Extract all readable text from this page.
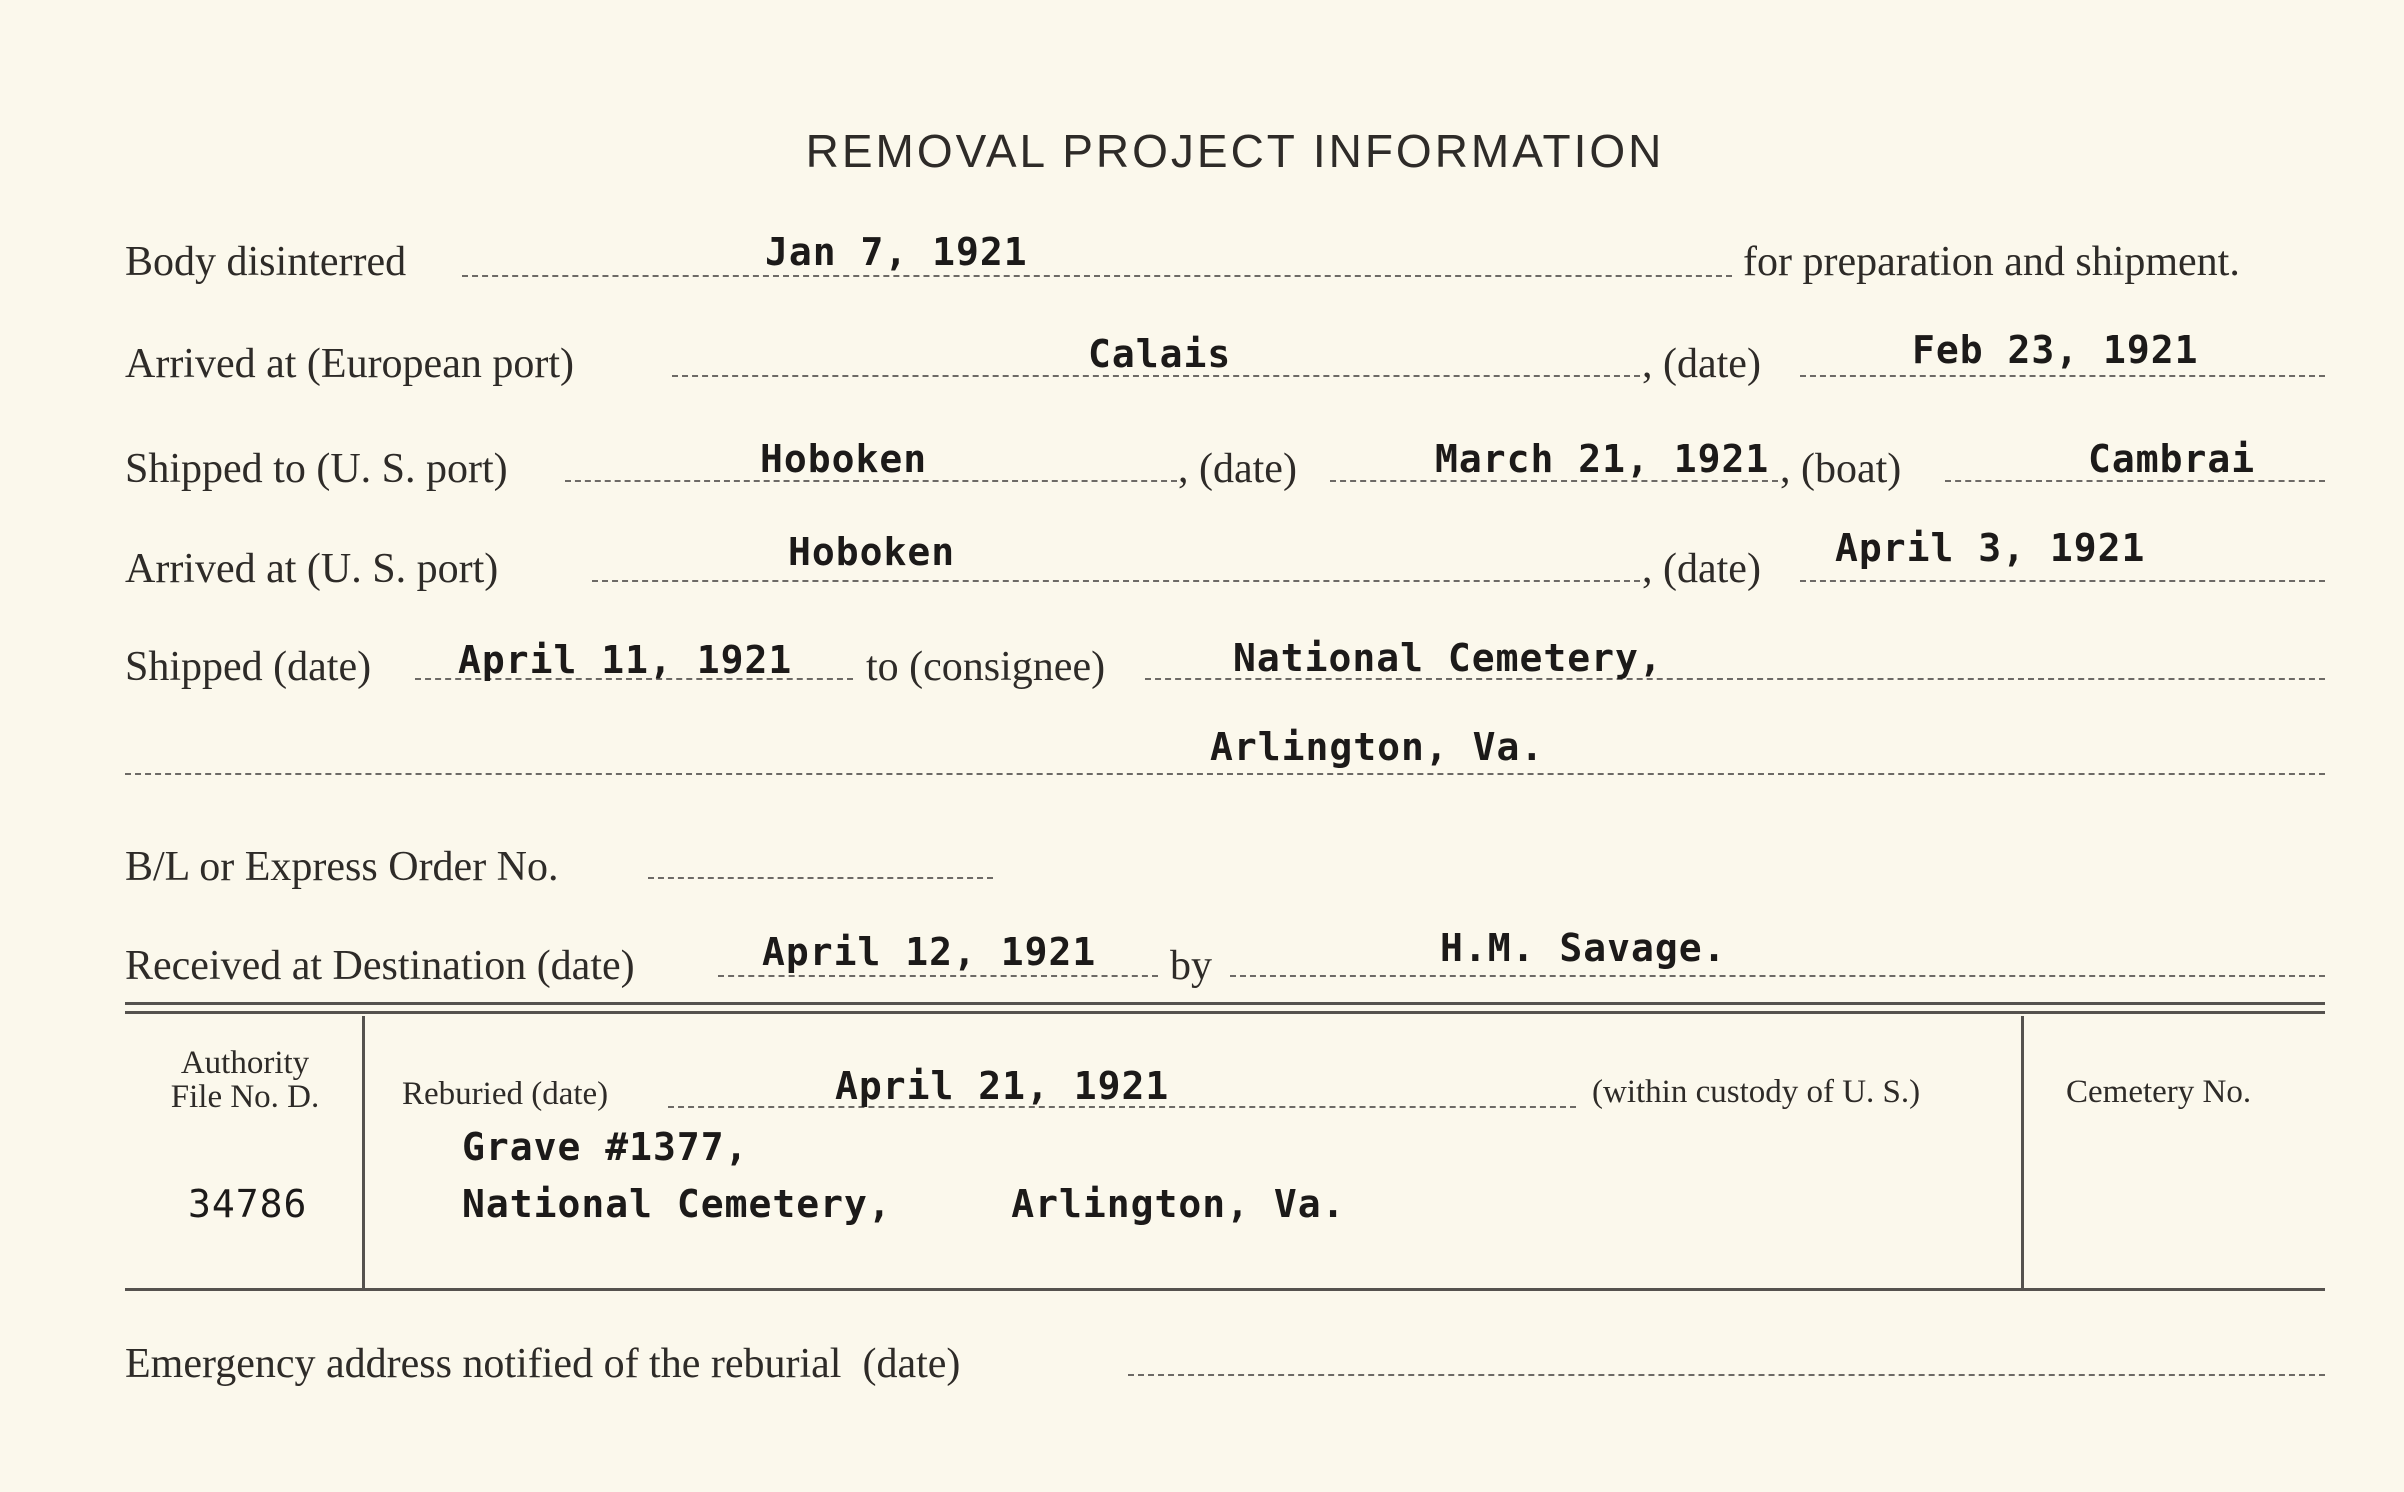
REMOVAL PROJECT INFORMATION
Body disinterred	Jan 7, 1921	for preparation and shipment.
Arrived at (European port)	Calais	, (date)	Feb 23, 1921
Shipped to (U. S. port)	Hoboken	, (date)	March 21, 1921 , (boat)	Cambrai
Arrived at (U. S. port)	Hoboken	, (date) April 3, 1921
Shipped (date) April 11, 1921 to (consignee)	National Cemetery,
Arlington, Va.
B/L or Express Order No.
Received at Destination (date)	April 12, 1921 by	H.M. Savage.
Authority
File No. D.
34786
Reburied (date)	April 21, 1921	(within custody of U. S.)
Grave #1377,
National Cemetery,     Arlington, Va.
Cemetery No.
Emergency address notified of the reburial  (date)
